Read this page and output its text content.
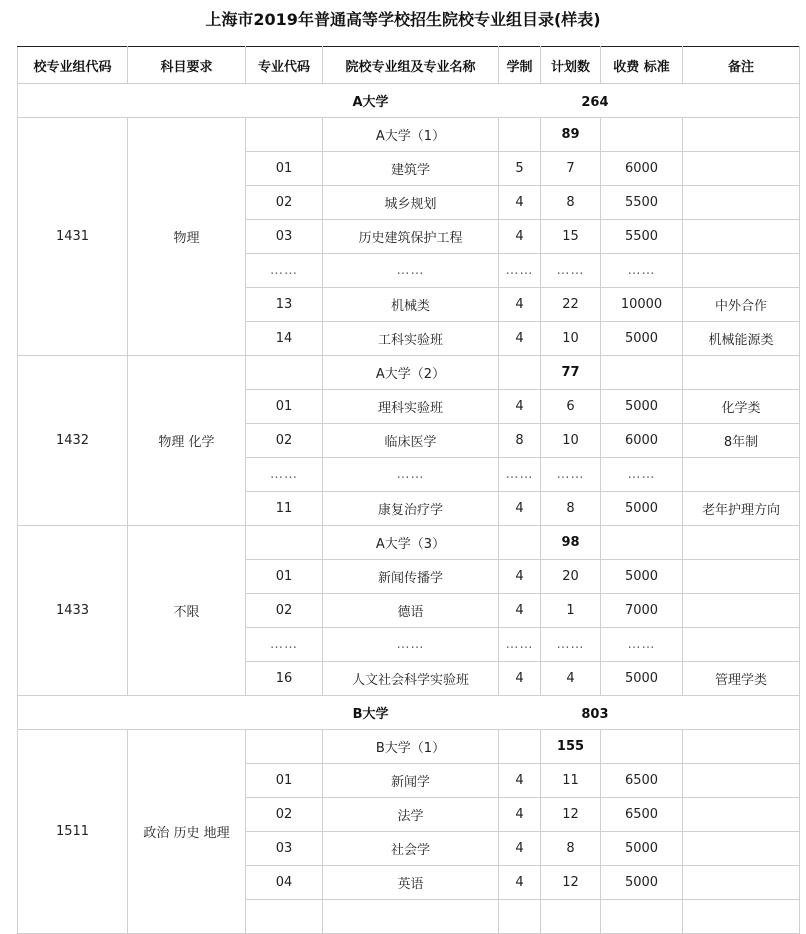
上海市2019年普通高等学校招生院校专业组目录(样表)
校专业组代码	科目要求	专业代码	院校专业组及专业名称	学制	计划数	收费 标准	备注
A大学 264							
1431	物理		A大学（1）		89		
		01	建筑学	5	7	6000	
		02	城乡规划	4	8	5500	
		03	历史建筑保护工程	4	15	5500	
		……	……	……	……	……	
		13	机械类	4	22	10000	中外合作
		14	工科实验班	4	10	5000	机械能源类
1432	物理 化学		A大学（2）		77		
		01	理科实验班	4	6	5000	化学类
		02	临床医学	8	10	6000	8年制
		……	……	……	……	……	
		11	康复治疗学	4	8	5000	老年护理方向
1433	不限		A大学（3）		98		
		01	新闻传播学	4	20	5000	
		02	德语	4	1	7000	
		……	……	……	……	……	
		16	人文社会科学实验班	4	4	5000	管理学类
B大学 803							
1511	政治 历史 地理		B大学（1）		155		
		01	新闻学	4	11	6500	
		02	法学	4	12	6500	
		03	社会学	4	8	5000	
		04	英语	4	12	5000	
